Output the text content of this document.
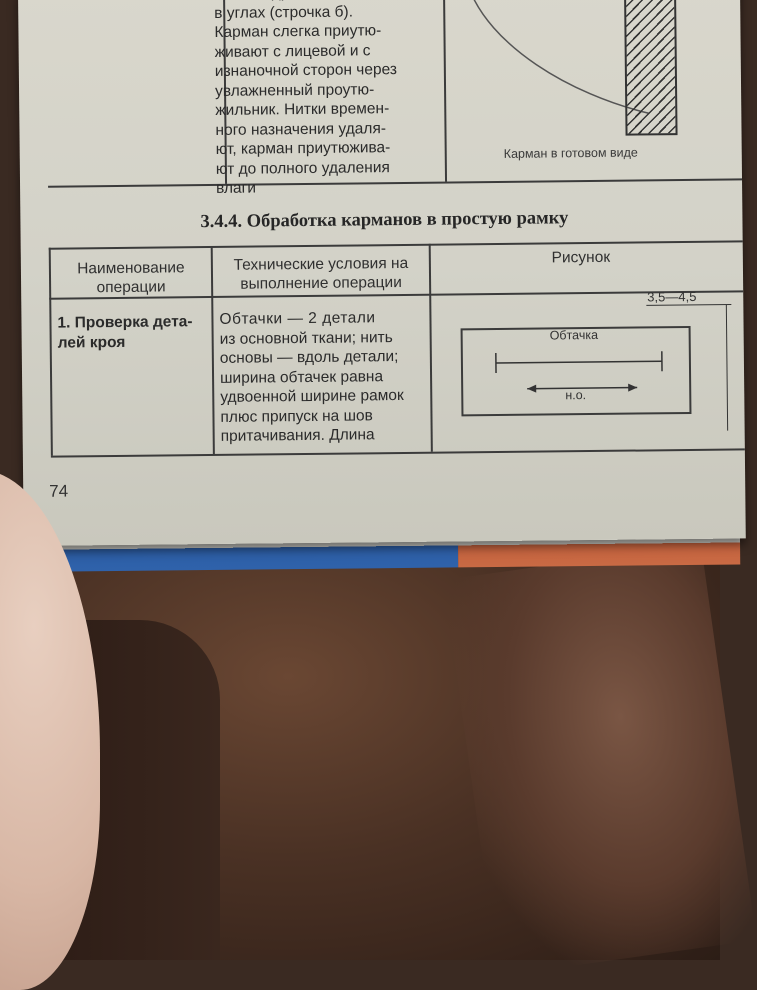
в углах (строчка б).
Карман слегка приутю-
живают с лицевой и с
изнаночной сторон через
увлажненный проутю-
жильник. Нитки времен-
ного назначения удаля-
ют, карман приутюжива-
ют до полного удаления
влаги
Карман в готовом виде
3.4.4. Обработка карманов в простую рамку
Наименование операции
Технические условия на выполнение операции
Рисунок
1. Проверка дета-лей кроя
Обтачки — 2 детали
из основной ткани; нить
основы — вдоль детали;
ширина обтачек равна
удвоенной ширине рамок
плюс припуск на шов
притачивания. Длина
Обтачка
н.о.
3,5—4,5
74
